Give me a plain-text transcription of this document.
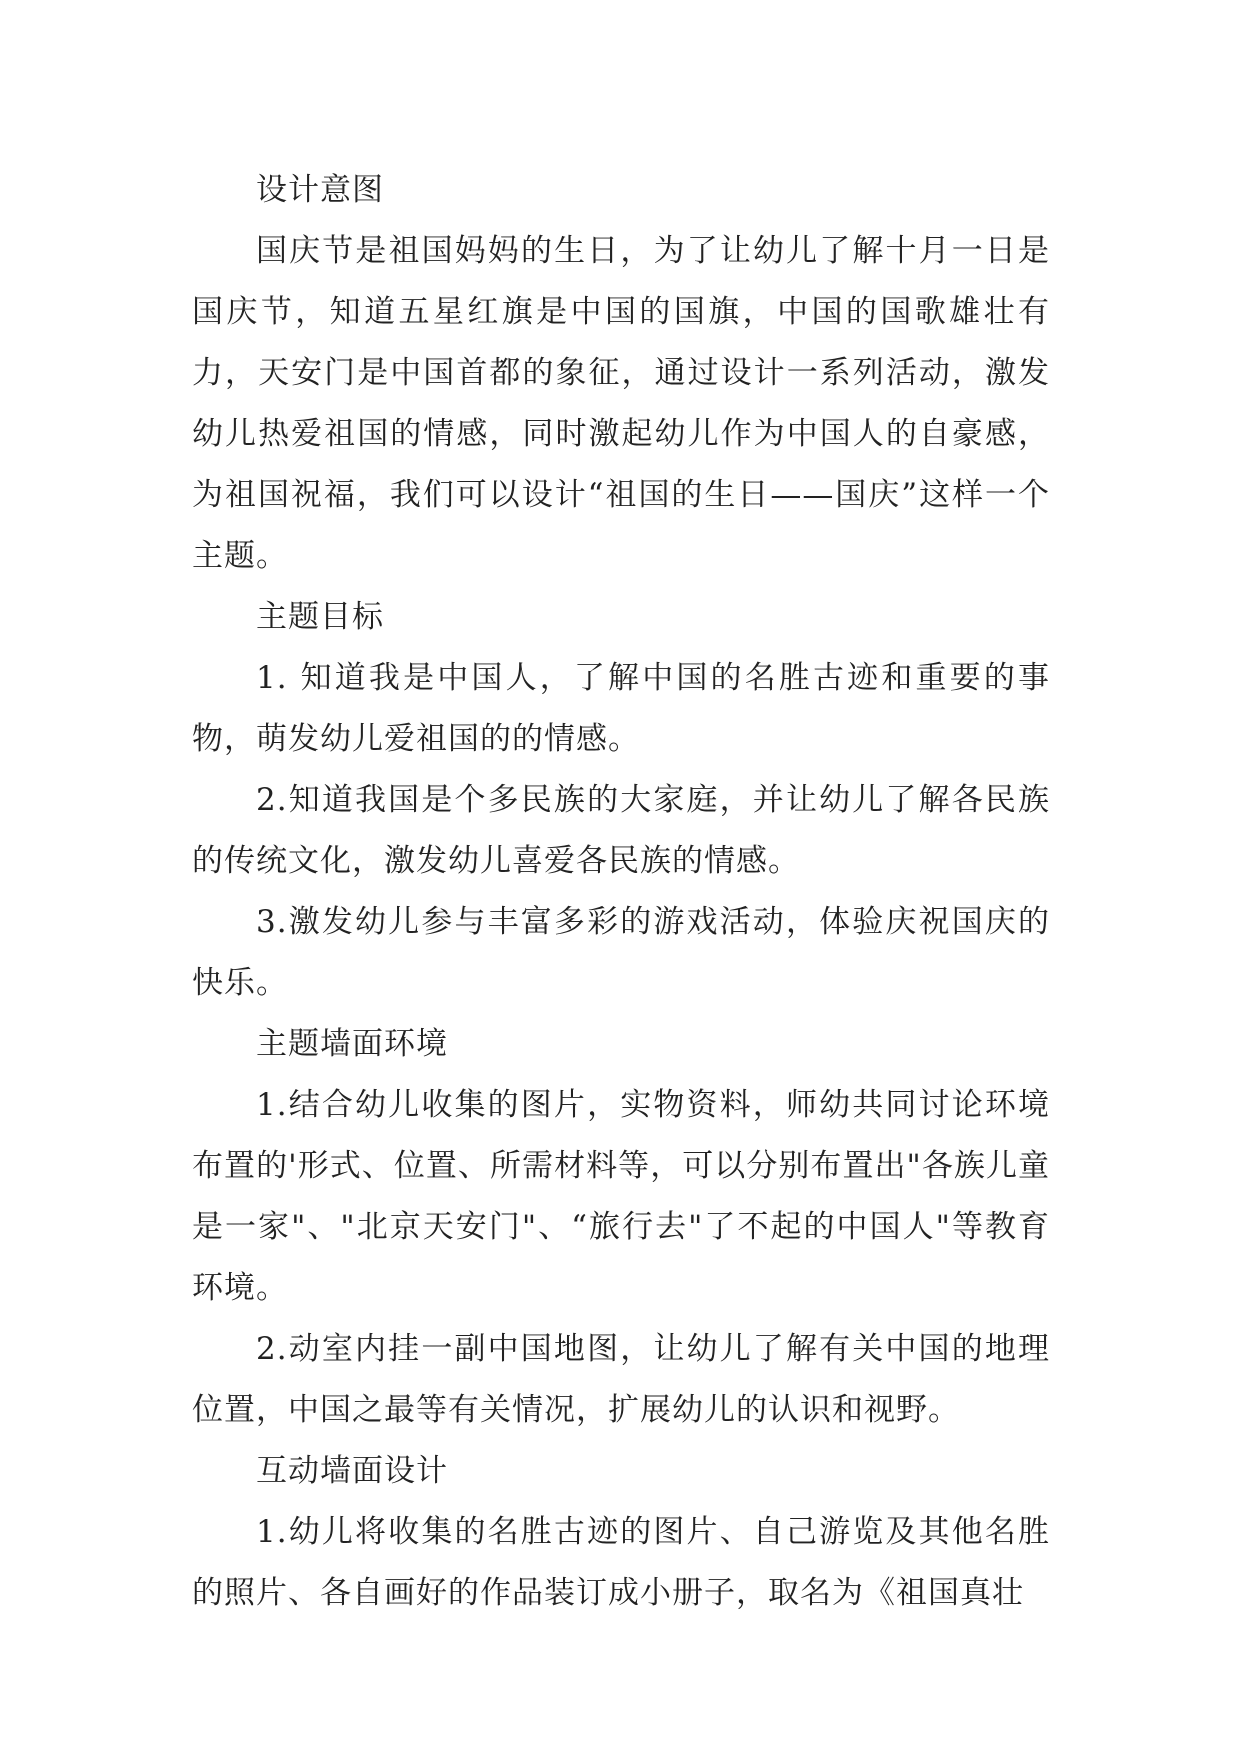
设计意图

国庆节是祖国妈妈的生日，为了让幼儿了解十月一日是国庆节，知道五星红旗是中国的国旗，中国的国歌雄壮有力，天安门是中国首都的象征，通过设计一系列活动，激发幼儿热爱祖国的情感，同时激起幼儿作为中国人的自豪感，为祖国祝福，我们可以设计“祖国的生日——国庆”这样一个主题。

主题目标

1. 知道我是中国人，了解中国的名胜古迹和重要的事物，萌发幼儿爱祖国的的情感。

2.知道我国是个多民族的大家庭，并让幼儿了解各民族的传统文化，激发幼儿喜爱各民族的情感。

3.激发幼儿参与丰富多彩的游戏活动，体验庆祝国庆的快乐。

主题墙面环境

1.结合幼儿收集的图片，实物资料，师幼共同讨论环境布置的'形式、位置、所需材料等，可以分别布置出"各族儿童是一家"、"北京天安门"、“旅行去"了不起的中国人"等教育环境。

2.动室内挂一副中国地图，让幼儿了解有关中国的地理位置，中国之最等有关情况，扩展幼儿的认识和视野。

互动墙面设计

1.幼儿将收集的名胜古迹的图片、自己游览及其他名胜的照片、各自画好的作品装订成小册子，取名为《祖国真壮
